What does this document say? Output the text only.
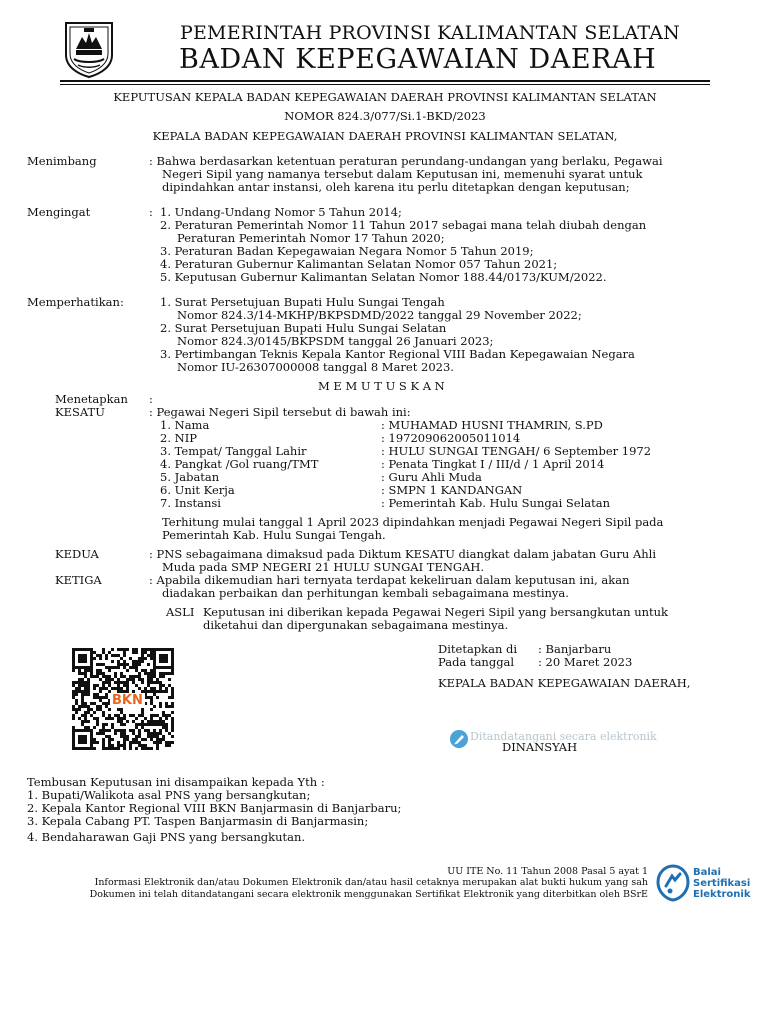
PEMERINTAH PROVINSI KALIMANTAN SELATAN
BADAN KEPEGAWAIAN DAERAH
KEPUTUSAN KEPALA BADAN KEPEGAWAIAN DAERAH PROVINSI KALIMANTAN SELATAN
NOMOR 824.3/077/Si.1-BKD/2023
KEPALA BADAN KEPEGAWAIAN DAERAH PROVINSI KALIMANTAN SELATAN,
Menimbang	: Bahwa berdasarkan ketentuan peraturan perundang-undangan yang berlaku, Pegawai
Negeri Sipil yang namanya tersebut dalam Keputusan ini, memenuhi syarat untuk
dipindahkan antar instansi, oleh karena itu perlu ditetapkan dengan keputusan;
Mengingat	: 1. Undang-Undang Nomor 5 Tahun 2014;
2. Peraturan Pemerintah Nomor 11 Tahun 2017 sebagai mana telah diubah dengan
Peraturan Pemerintah Nomor 17 Tahun 2020;
3. Peraturan Badan Kepegawaian Negara Nomor 5 Tahun 2019;
4. Peraturan Gubernur Kalimantan Selatan Nomor 057 Tahun 2021;
5. Keputusan Gubernur Kalimantan Selatan Nomor 188.44/0173/KUM/2022.
Memperhatikan:	1. Surat Persetujuan Bupati Hulu Sungai Tengah
Nomor 824.3/14-MKHP/BKPSDMD/2022 tanggal 29 November 2022;
2. Surat Persetujuan Bupati Hulu Sungai Selatan
Nomor 824.3/0145/BKPSDM tanggal 26 Januari 2023;
3. Pertimbangan Teknis Kepala Kantor Regional VIII Badan Kepegawaian Negara
Nomor IU-26307000008 tanggal 8 Maret 2023.
M E M U T U S K A N
Menetapkan :
KESATU	: Pegawai Negeri Sipil tersebut di bawah ini:
1. Nama	: MUHAMAD HUSNI THAMRIN, S.PD
2. NIP	: 197209062005011014
3. Tempat/ Tanggal Lahir	: HULU SUNGAI TENGAH/ 6 September 1972
4. Pangkat /Gol ruang/TMT	: Penata Tingkat I / III/d / 1 April 2014
5. Jabatan	: Guru Ahli Muda
6. Unit Kerja	: SMPN 1 KANDANGAN
7. Instansi	: Pemerintah Kab. Hulu Sungai Selatan
Terhitung mulai tanggal 1 April 2023 dipindahkan menjadi Pegawai Negeri Sipil pada
Pemerintah Kab. Hulu Sungai Tengah.
KEDUA	: PNS sebagaimana dimaksud pada Diktum KESATU diangkat dalam jabatan Guru Ahli
Muda pada SMP NEGERI 21 HULU SUNGAI TENGAH.
KETIGA	: Apabila dikemudian hari ternyata terdapat kekeliruan dalam keputusan ini, akan
diadakan perbaikan dan perhitungan kembali sebagaimana mestinya.
ASLI Keputusan ini diberikan kepada Pegawai Negeri Sipil yang bersangkutan untuk
diketahui dan dipergunakan sebagaimana mestinya.
BKN
Ditetapkan di : Banjarbaru
Pada tanggal : 20 Maret 2023
KEPALA BADAN KEPEGAWAIAN DAERAH,
Ditandatangani secara elektronik
DINANSYAH
Tembusan Keputusan ini disampaikan kepada Yth :
1. Bupati/Walikota asal PNS yang bersangkutan;
2. Kepala Kantor Regional VIII BKN Banjarmasin di Banjarbaru;
3. Kepala Cabang PT. Taspen Banjarmasin di Banjarmasin;
4. Bendaharawan Gaji PNS yang bersangkutan.
UU ITE No. 11 Tahun 2008 Pasal 5 ayat 1
Informasi Elektronik dan/atau Dokumen Elektronik dan/atau hasil cetaknya merupakan alat bukti hukum yang sah
Dokumen ini telah ditandatangani secara elektronik menggunakan Sertifikat Elektronik yang diterbitkan oleh BSrE
Balai
Sertifikasi
Elektronik
